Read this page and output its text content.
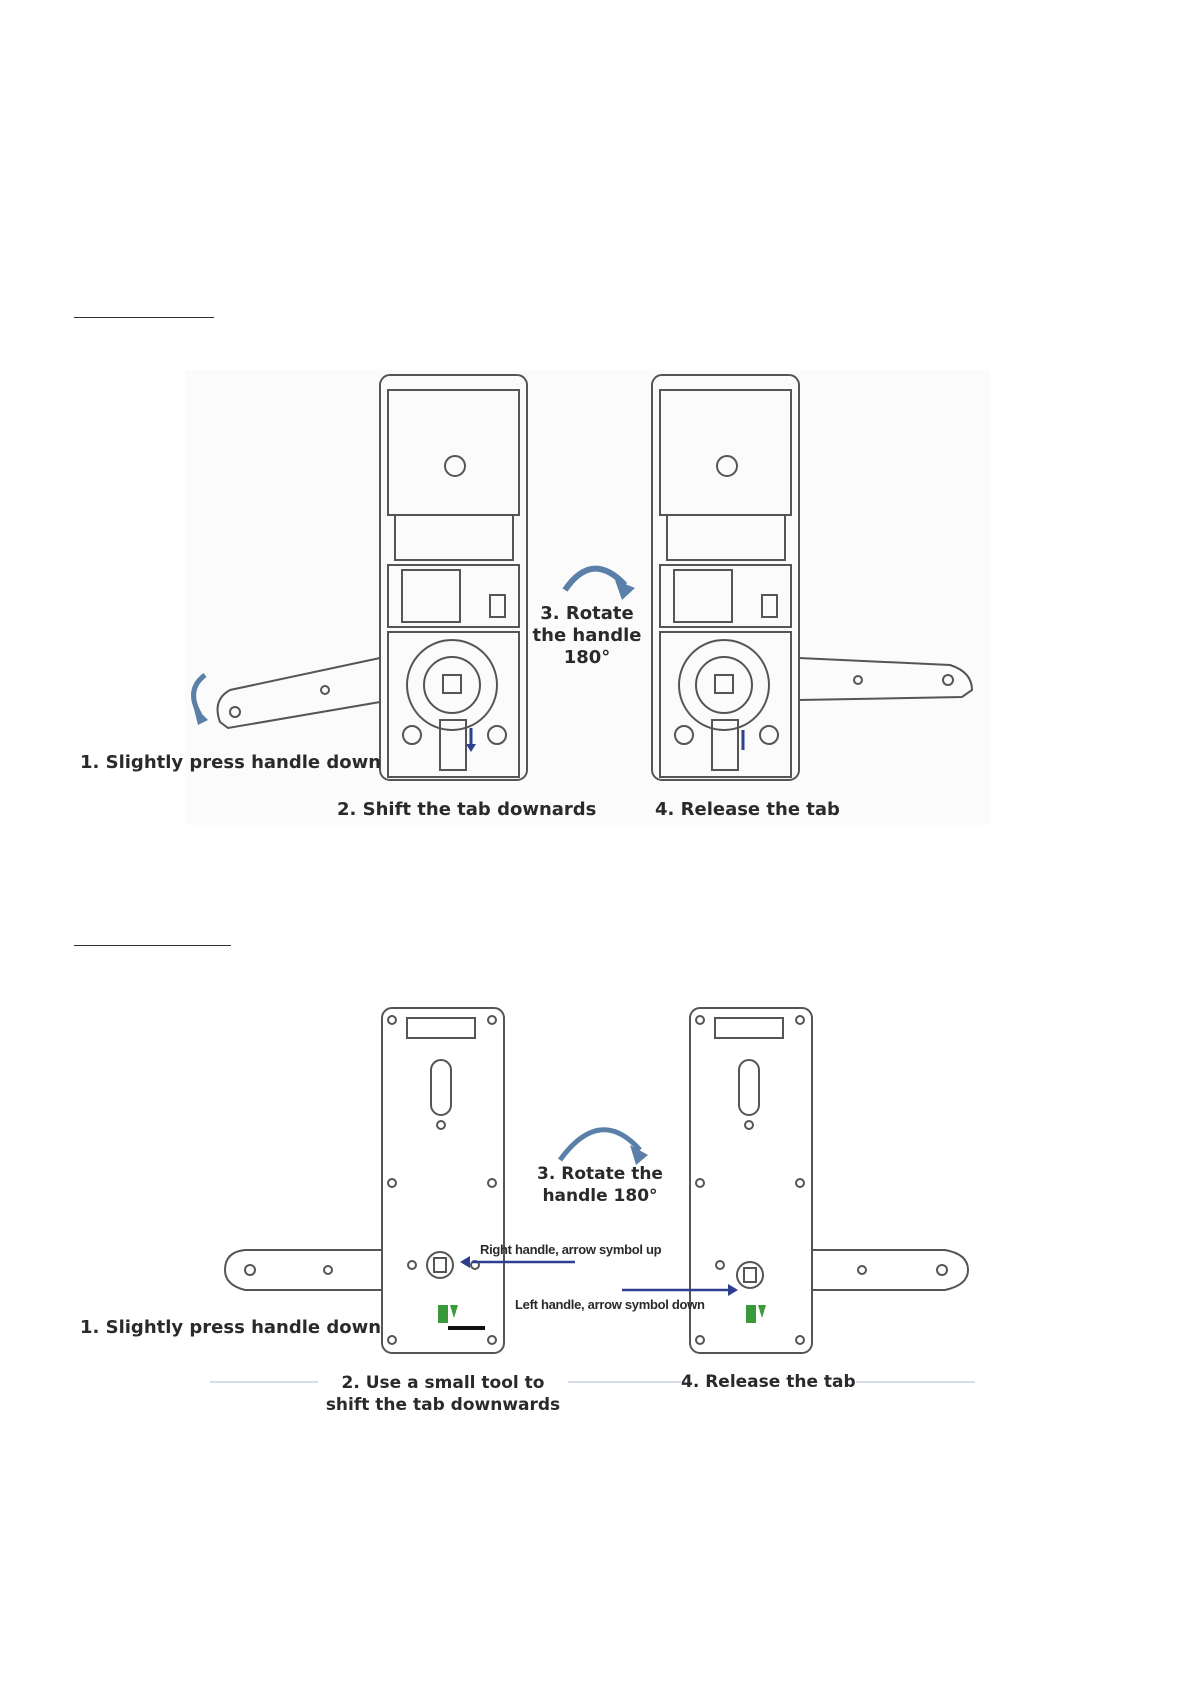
1. Slightly press handle down
2. Shift the tab downards
3. Rotate the handle 180°
4. Release the tab
1. Slightly press handle down
2. Use a small tool to shift the tab downwards
3. Rotate the handle 180°
4. Release the tab
Right handle, arrow symbol up
Left handle, arrow symbol down
